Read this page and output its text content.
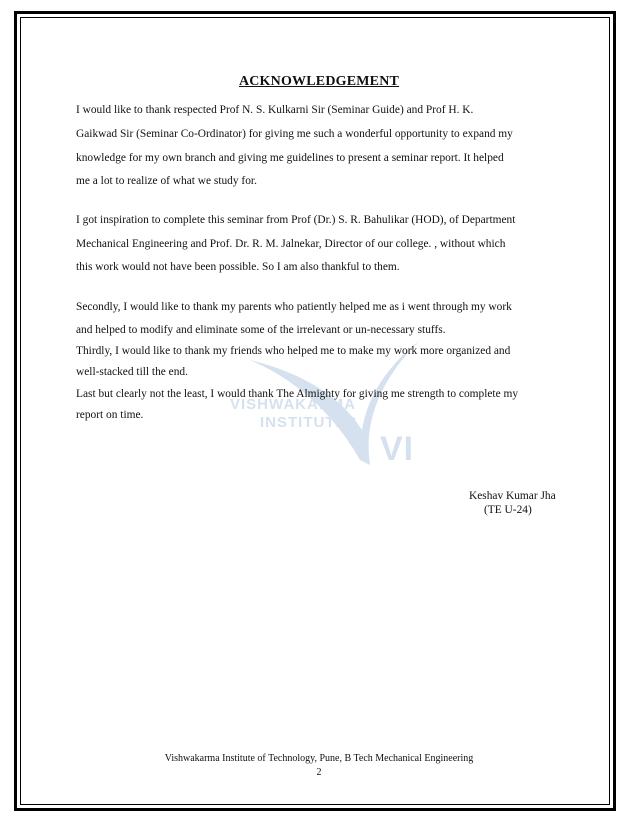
VISHWAKARMA
INSTITUTES
VI
ACKNOWLEDGEMENT
I would like to thank respected Prof N. S. Kulkarni Sir (Seminar Guide) and Prof H. K.
Gaikwad Sir (Seminar Co-Ordinator) for giving me such a wonderful opportunity to expand my
knowledge for my own branch and giving me guidelines to present a seminar report. It helped
me a lot to realize of what we study for.
I got inspiration to complete this seminar from Prof (Dr.) S. R. Bahulikar (HOD), of Department
Mechanical Engineering and Prof. Dr. R. M. Jalnekar, Director of our college. , without which
this work would not have been possible. So I am also thankful to them.
Secondly, I would like to thank my parents who patiently helped me as i went through my work
and helped to modify and eliminate some of the irrelevant or un-necessary stuffs.
Thirdly, I would like to thank my friends who helped me to make my work more organized and
well-stacked till the end.
Last but clearly not the least, I would thank The Almighty for giving me strength to complete my
report on time.
Keshav Kumar Jha
(TE U-24)
Vishwakarma Institute of Technology, Pune, B Tech Mechanical Engineering
2
